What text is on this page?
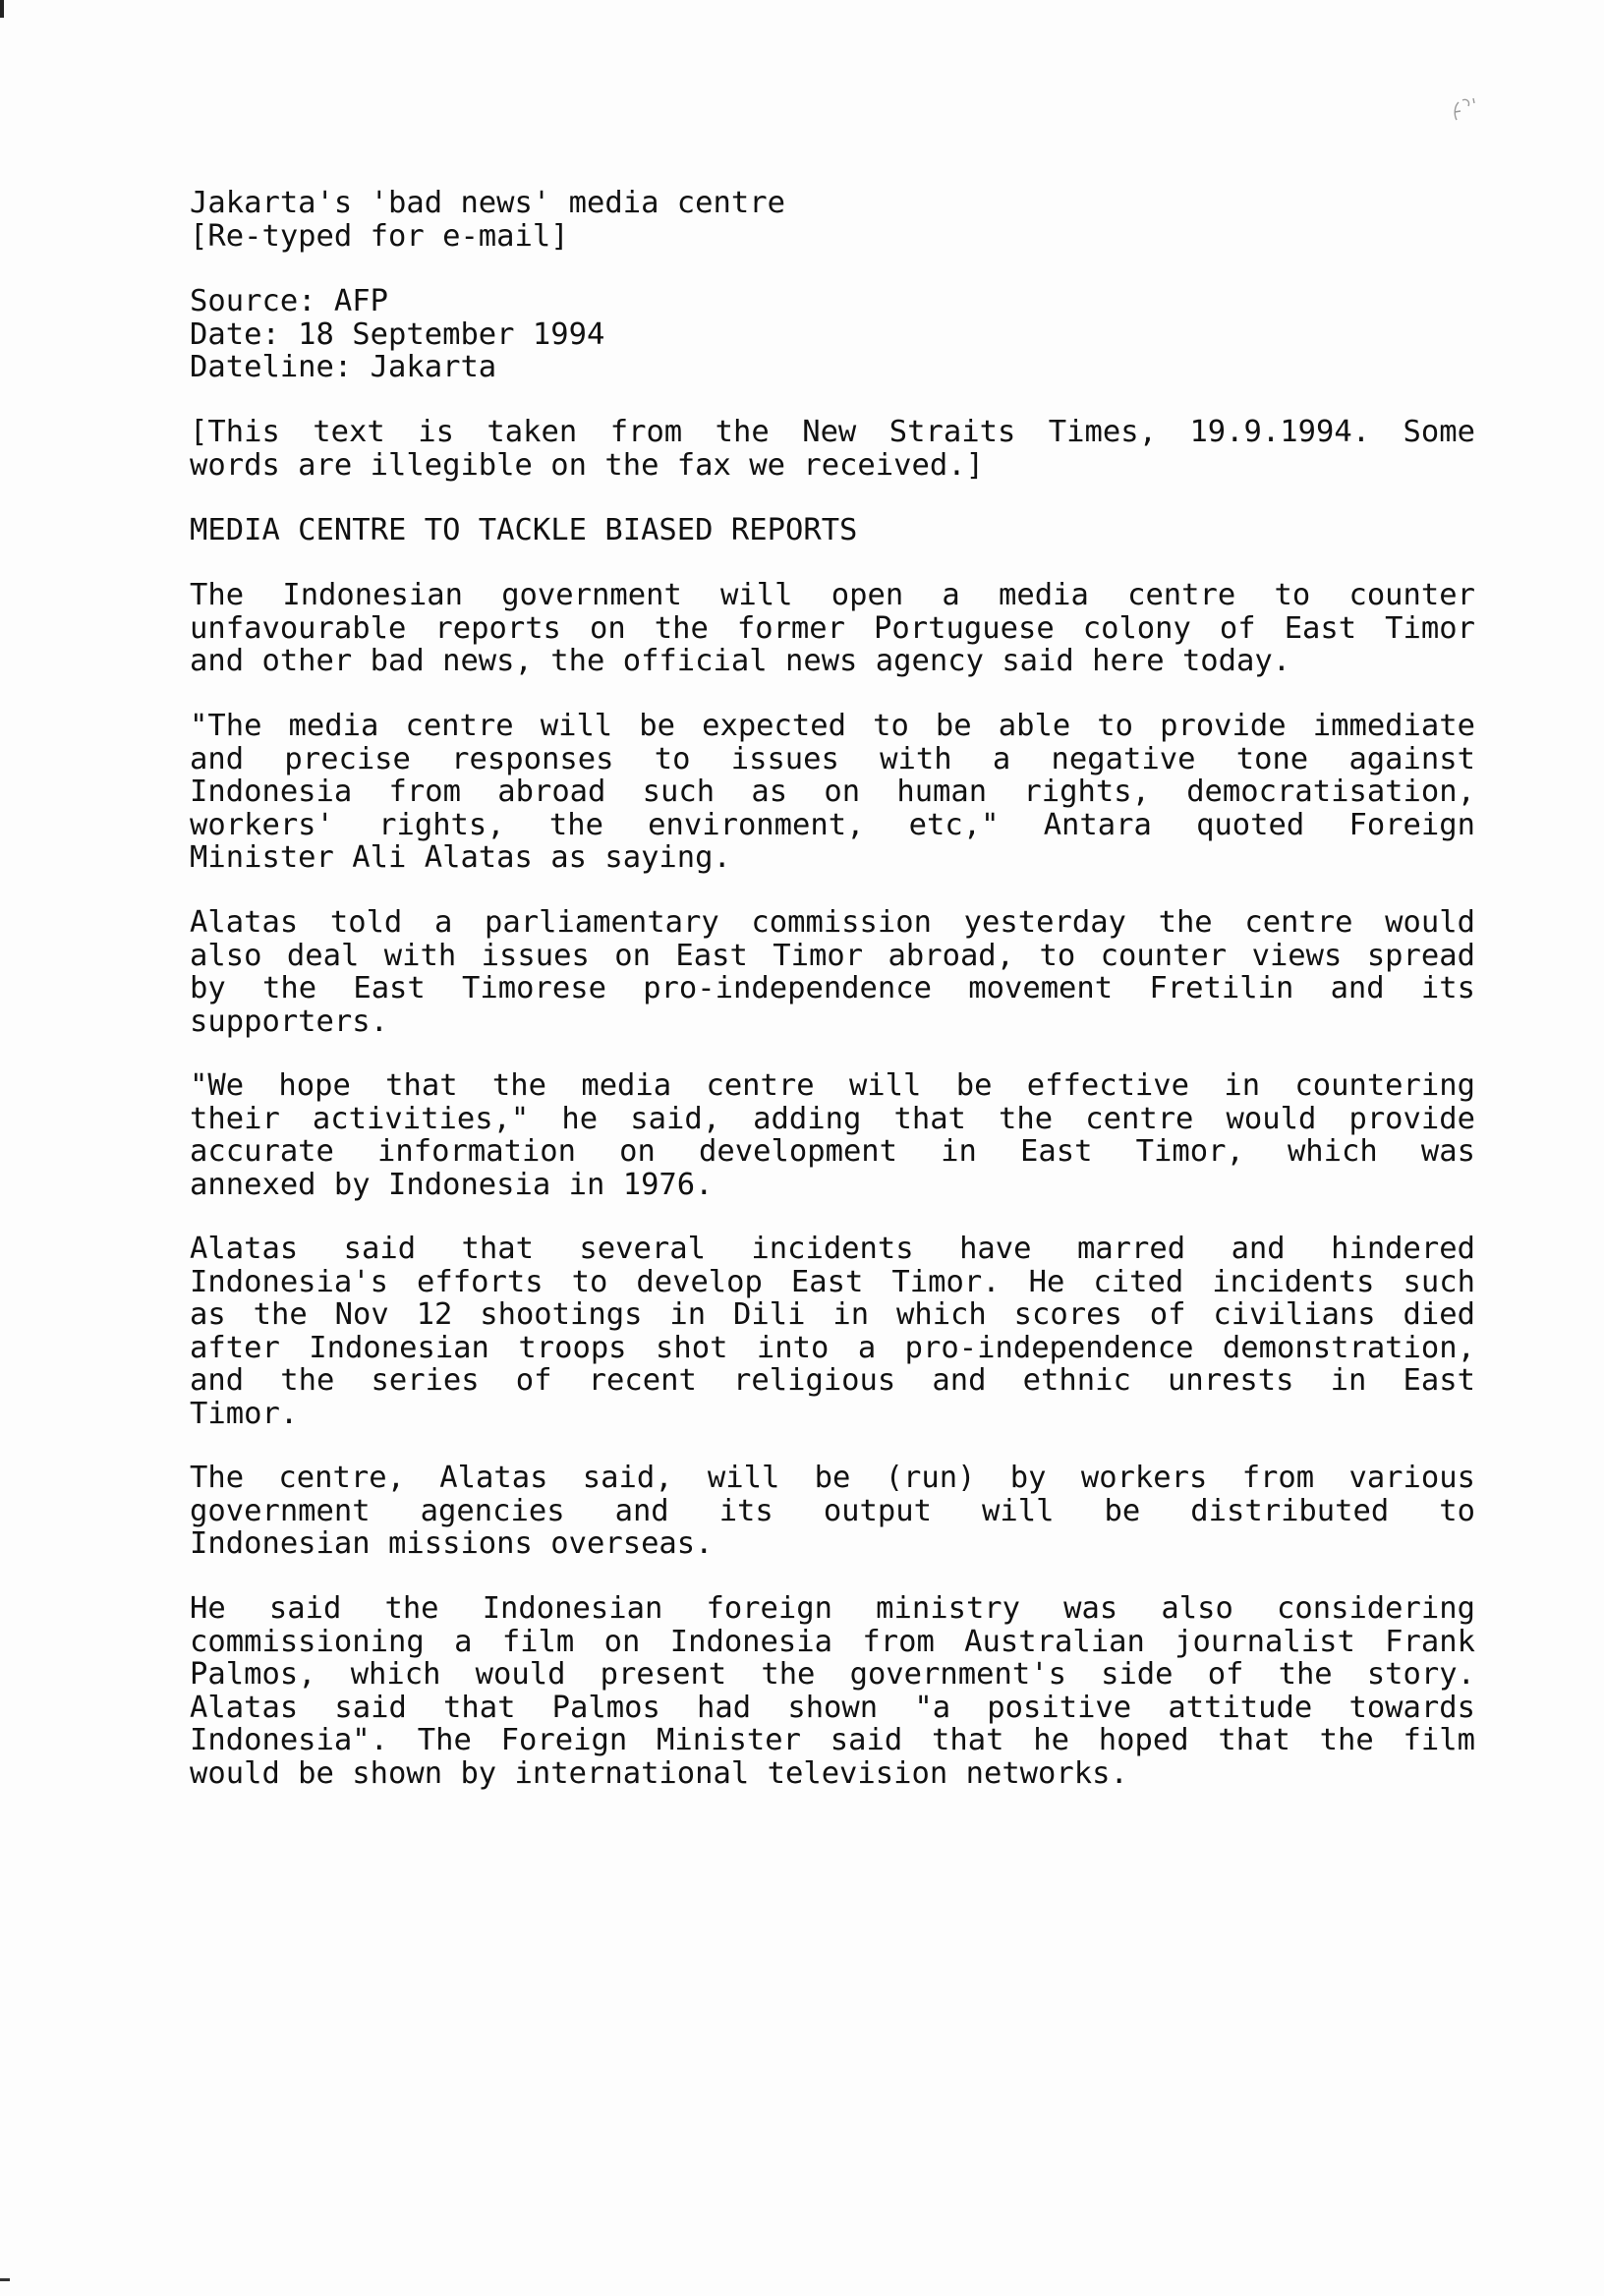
Jakarta's 'bad news' media centre
[Re-typed for e-mail]
Source: AFP
Date: 18 September 1994
Dateline: Jakarta
[This text is taken from the New Straits Times, 19.9.1994. Some
words are illegible on the fax we received.]
MEDIA CENTRE TO TACKLE BIASED REPORTS
The Indonesian government will open a media centre to counter
unfavourable reports on the former Portuguese colony of East Timor
and other bad news, the official news agency said here today.
"The media centre will be expected to be able to provide immediate
and precise responses to issues with a negative tone against
Indonesia from abroad such as on human rights, democratisation,
workers' rights, the environment, etc," Antara quoted Foreign
Minister Ali Alatas as saying.
Alatas told a parliamentary commission yesterday the centre would
also deal with issues on East Timor abroad, to counter views spread
by the East Timorese pro-independence movement Fretilin and its
supporters.
"We hope that the media centre will be effective in countering
their activities," he said, adding that the centre would provide
accurate information on development in East Timor, which was
annexed by Indonesia in 1976.
Alatas said that several incidents have marred and hindered
Indonesia's efforts to develop East Timor. He cited incidents such
as the Nov 12 shootings in Dili in which scores of civilians died
after Indonesian troops shot into a pro-independence demonstration,
and the series of recent religious and ethnic unrests in East
Timor.
The centre, Alatas said, will be (run) by workers from various
government agencies and its output will be distributed to
Indonesian missions overseas.
He said the Indonesian foreign ministry was also considering
commissioning a film on Indonesia from Australian journalist Frank
Palmos, which would present the government's side of the story.
Alatas said that Palmos had shown "a positive attitude towards
Indonesia". The Foreign Minister said that he hoped that the film
would be shown by international television networks.
